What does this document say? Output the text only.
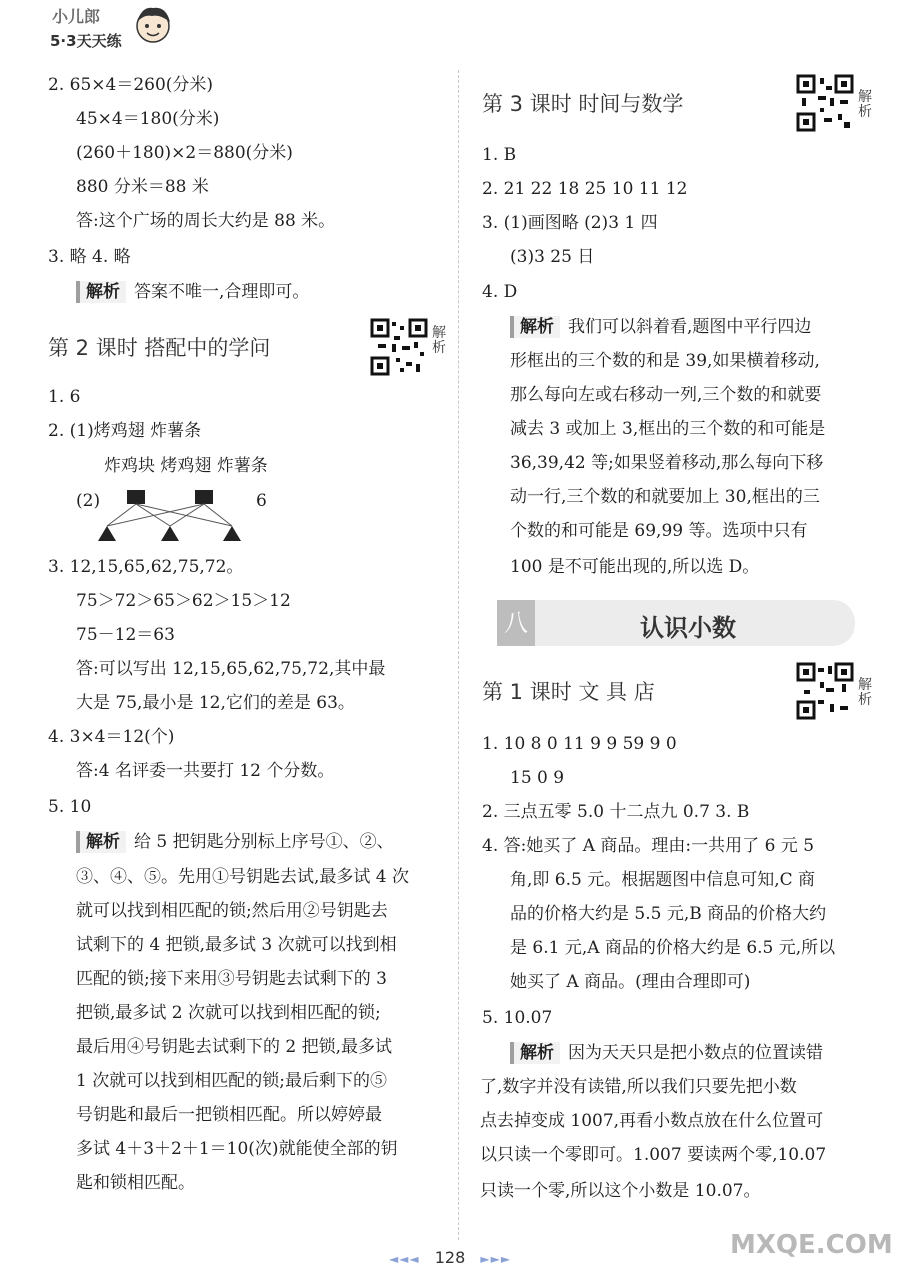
小儿郎
5·3天天练
2. 65×4＝260(分米)
45×4＝180(分米)
(260＋180)×2＝880(分米)
880 分米＝88 米
答:这个广场的周长大约是 88 米。
3. 略 4. 略
解析 答案不唯一,合理即可。
第 2 课时 搭配中的学问
解析
1. 6
2. (1)烤鸡翅 炸薯条
炸鸡块 烤鸡翅 炸薯条
(2)	6
3. 12,15,65,62,75,72。
75＞72＞65＞62＞15＞12
75－12＝63
答:可以写出 12,15,65,62,75,72,其中最
大是 75,最小是 12,它们的差是 63。
4. 3×4＝12(个)
答:4 名评委一共要打 12 个分数。
5. 10
解析 给 5 把钥匙分别标上序号①、②、
③、④、⑤。先用①号钥匙去试,最多试 4 次
就可以找到相匹配的锁;然后用②号钥匙去
试剩下的 4 把锁,最多试 3 次就可以找到相
匹配的锁;接下来用③号钥匙去试剩下的 3
把锁,最多试 2 次就可以找到相匹配的锁;
最后用④号钥匙去试剩下的 2 把锁,最多试
1 次就可以找到相匹配的锁;最后剩下的⑤
号钥匙和最后一把锁相匹配。所以婷婷最
多试 4＋3＋2＋1＝10(次)就能使全部的钥
匙和锁相匹配。
第 3 课时 时间与数学	解析
1. B
2. 21 22 18 25 10 11 12
3. (1)画图略 (2)3 1 四
(3)3 25 日
4. D
解析 我们可以斜着看,题图中平行四边
形框出的三个数的和是 39,如果横着移动,
那么每向左或右移动一列,三个数的和就要
减去 3 或加上 3,框出的三个数的和可能是
36,39,42 等;如果竖着移动,那么每向下移
动一行,三个数的和就要加上 30,框出的三
个数的和可能是 69,99 等。选项中只有
100 是不可能出现的,所以选 D。
八	认识小数
第 1 课时 文 具 店	解析
1. 10 8 0 11 9 9 59 9 0
15 0 9
2. 三点五零 5.0 十二点九 0.7 3. B
4. 答:她买了 A 商品。理由:一共用了 6 元 5
角,即 6.5 元。根据题图中信息可知,C 商
品的价格大约是 5.5 元,B 商品的价格大约
是 6.1 元,A 商品的价格大约是 6.5 元,所以
她买了 A 商品。(理由合理即可)
5. 10.07
解析 因为天天只是把小数点的位置读错
了,数字并没有读错,所以我们只要先把小数
点去掉变成 1007,再看小数点放在什么位置可
以只读一个零即可。1.007 要读两个零,10.07
只读一个零,所以这个小数是 10.07。
MXQE.COM
◄◄◄ 128 ►►►
